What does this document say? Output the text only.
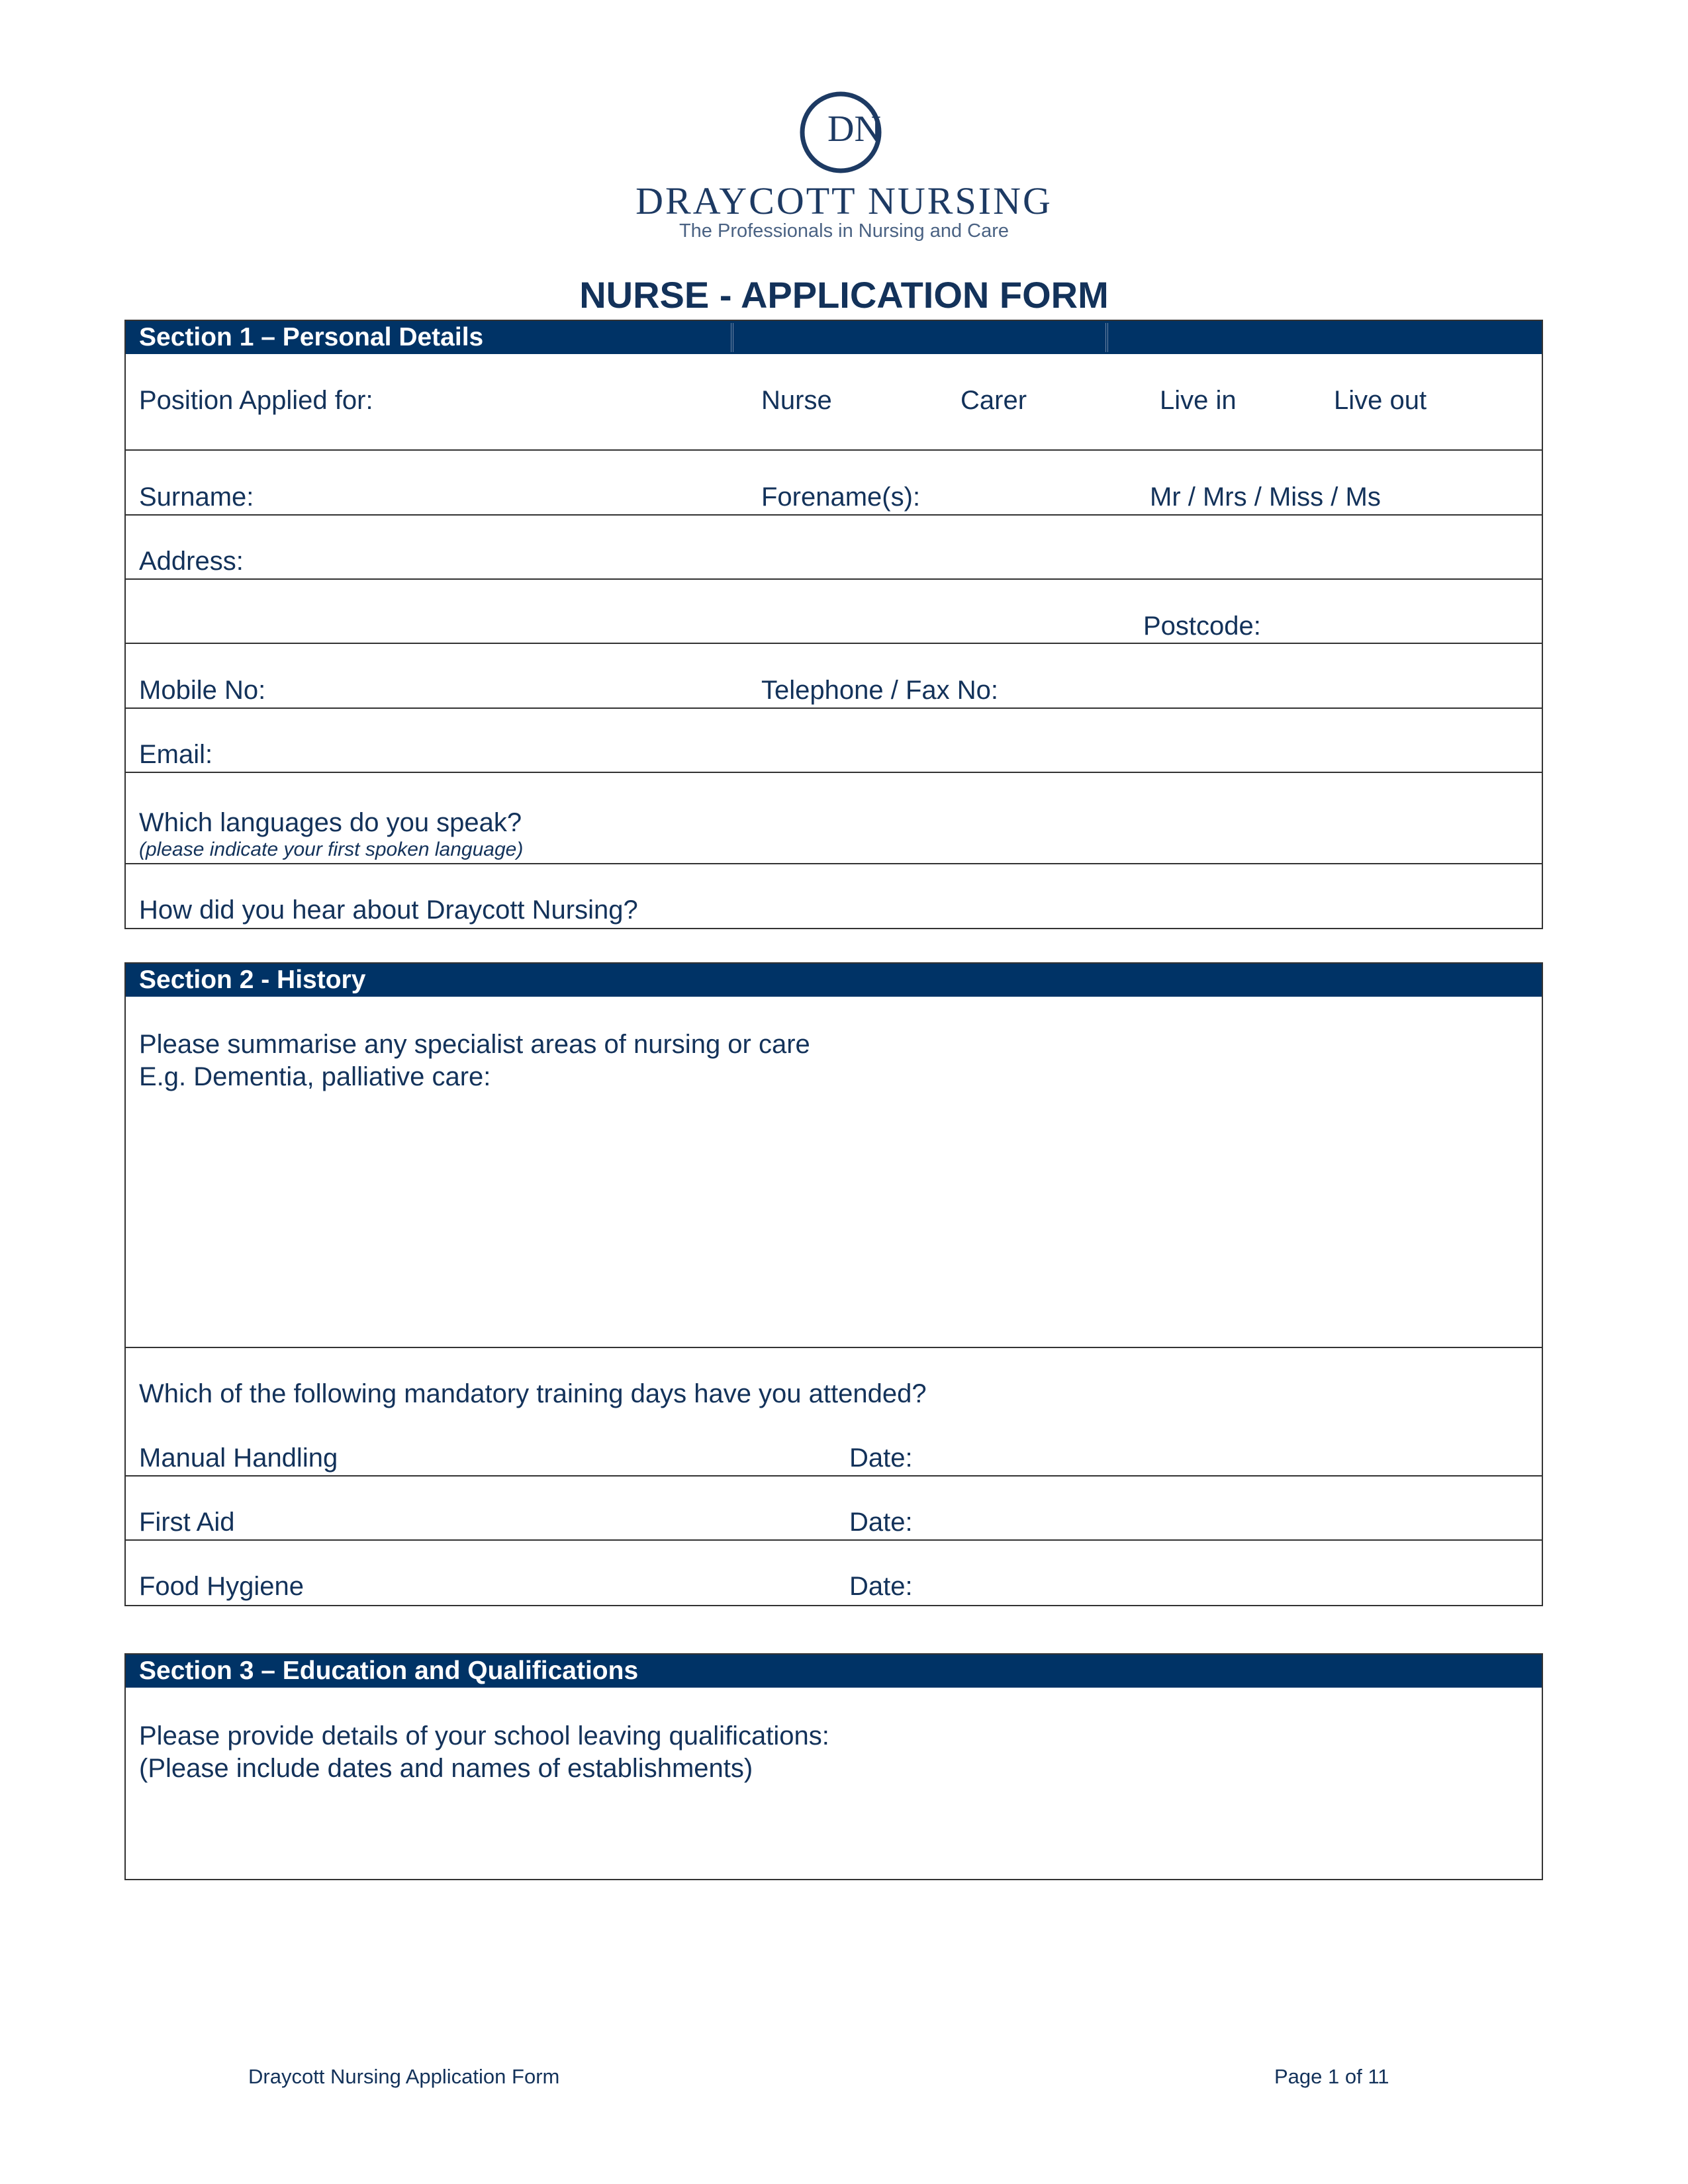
DN
DRAYCOTT NURSING
The Professionals in Nursing and Care
NURSE - APPLICATION FORM
Section 1 – Personal Details
Position Applied for:	Nurse	Carer	Live in	Live out
Surname:	Forename(s):	Mr / Mrs / Miss / Ms
Address:
Postcode:
Mobile No:	Telephone / Fax No:
Email:
Which languages do you speak?
(please indicate your first spoken language)
How did you hear about Draycott Nursing?
Section 2 - History
Please summarise any specialist areas of nursing or care
E.g. Dementia, palliative care:
Which of the following mandatory training days have you attended?
Manual Handling	Date:
First Aid	Date:
Food Hygiene	Date:
Section 3 – Education and Qualifications
Please provide details of your school leaving qualifications:
(Please include dates and names of establishments)
Draycott Nursing Application Form	Page 1 of 11
